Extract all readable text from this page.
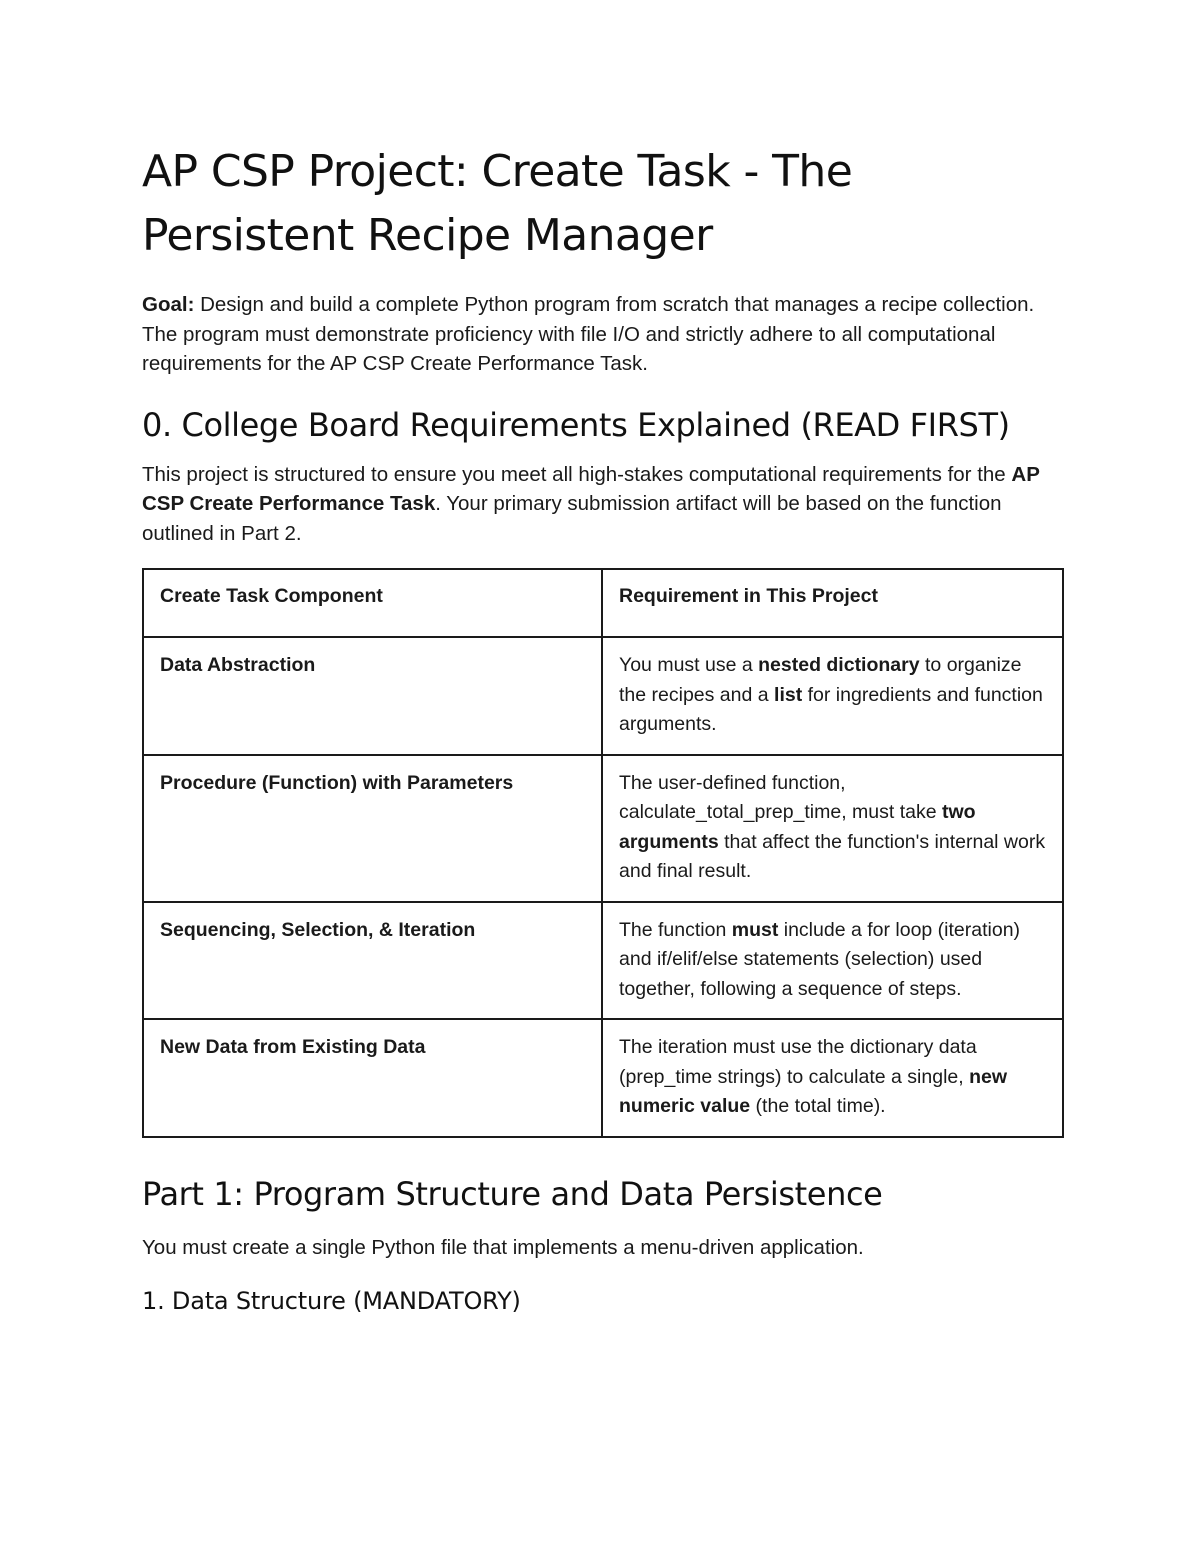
AP CSP Project: Create Task - The Persistent Recipe Manager

Goal: Design and build a complete Python program from scratch that manages a recipe collection. The program must demonstrate proficiency with file I/O and strictly adhere to all computational requirements for the AP CSP Create Performance Task.

0. College Board Requirements Explained (READ FIRST)

This project is structured to ensure you meet all high-stakes computational requirements for the AP CSP Create Performance Task. Your primary submission artifact will be based on the function outlined in Part 2.

Create Task Component	Requirement in This Project
Data Abstraction	You must use a nested dictionary to organize the recipes and a list for ingredients and function arguments.
Procedure (Function) with Parameters	The user-defined function, calculate_total_prep_time, must take two arguments that affect the function's internal work and final result.
Sequencing, Selection, & Iteration	The function must include a for loop (iteration) and if/elif/else statements (selection) used together, following a sequence of steps.
New Data from Existing Data	The iteration must use the dictionary data (prep_time strings) to calculate a single, new numeric value (the total time).
Part 1: Program Structure and Data Persistence

You must create a single Python file that implements a menu-driven application.

1. Data Structure (MANDATORY)
